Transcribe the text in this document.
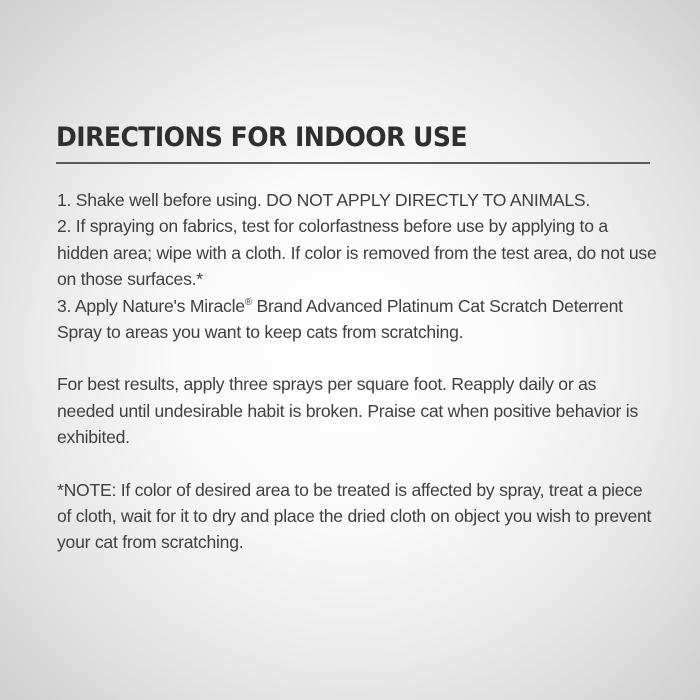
DIRECTIONS FOR INDOOR USE

1. Shake well before using. DO NOT APPLY DIRECTLY TO ANIMALS.

2. If spraying on fabrics, test for colorfastness before use by applying to a hidden area; wipe with a cloth. If color is removed from the test area, do not use on those surfaces.*

3. Apply Nature's Miracle® Brand Advanced Platinum Cat Scratch Deterrent Spray to areas you want to keep cats from scratching.

For best results, apply three sprays per square foot. Reapply daily or as needed until undesirable habit is broken. Praise cat when positive behavior is exhibited.

*NOTE: If color of desired area to be treated is affected by spray, treat a piece of cloth, wait for it to dry and place the dried cloth on object you wish to prevent your cat from scratching.
